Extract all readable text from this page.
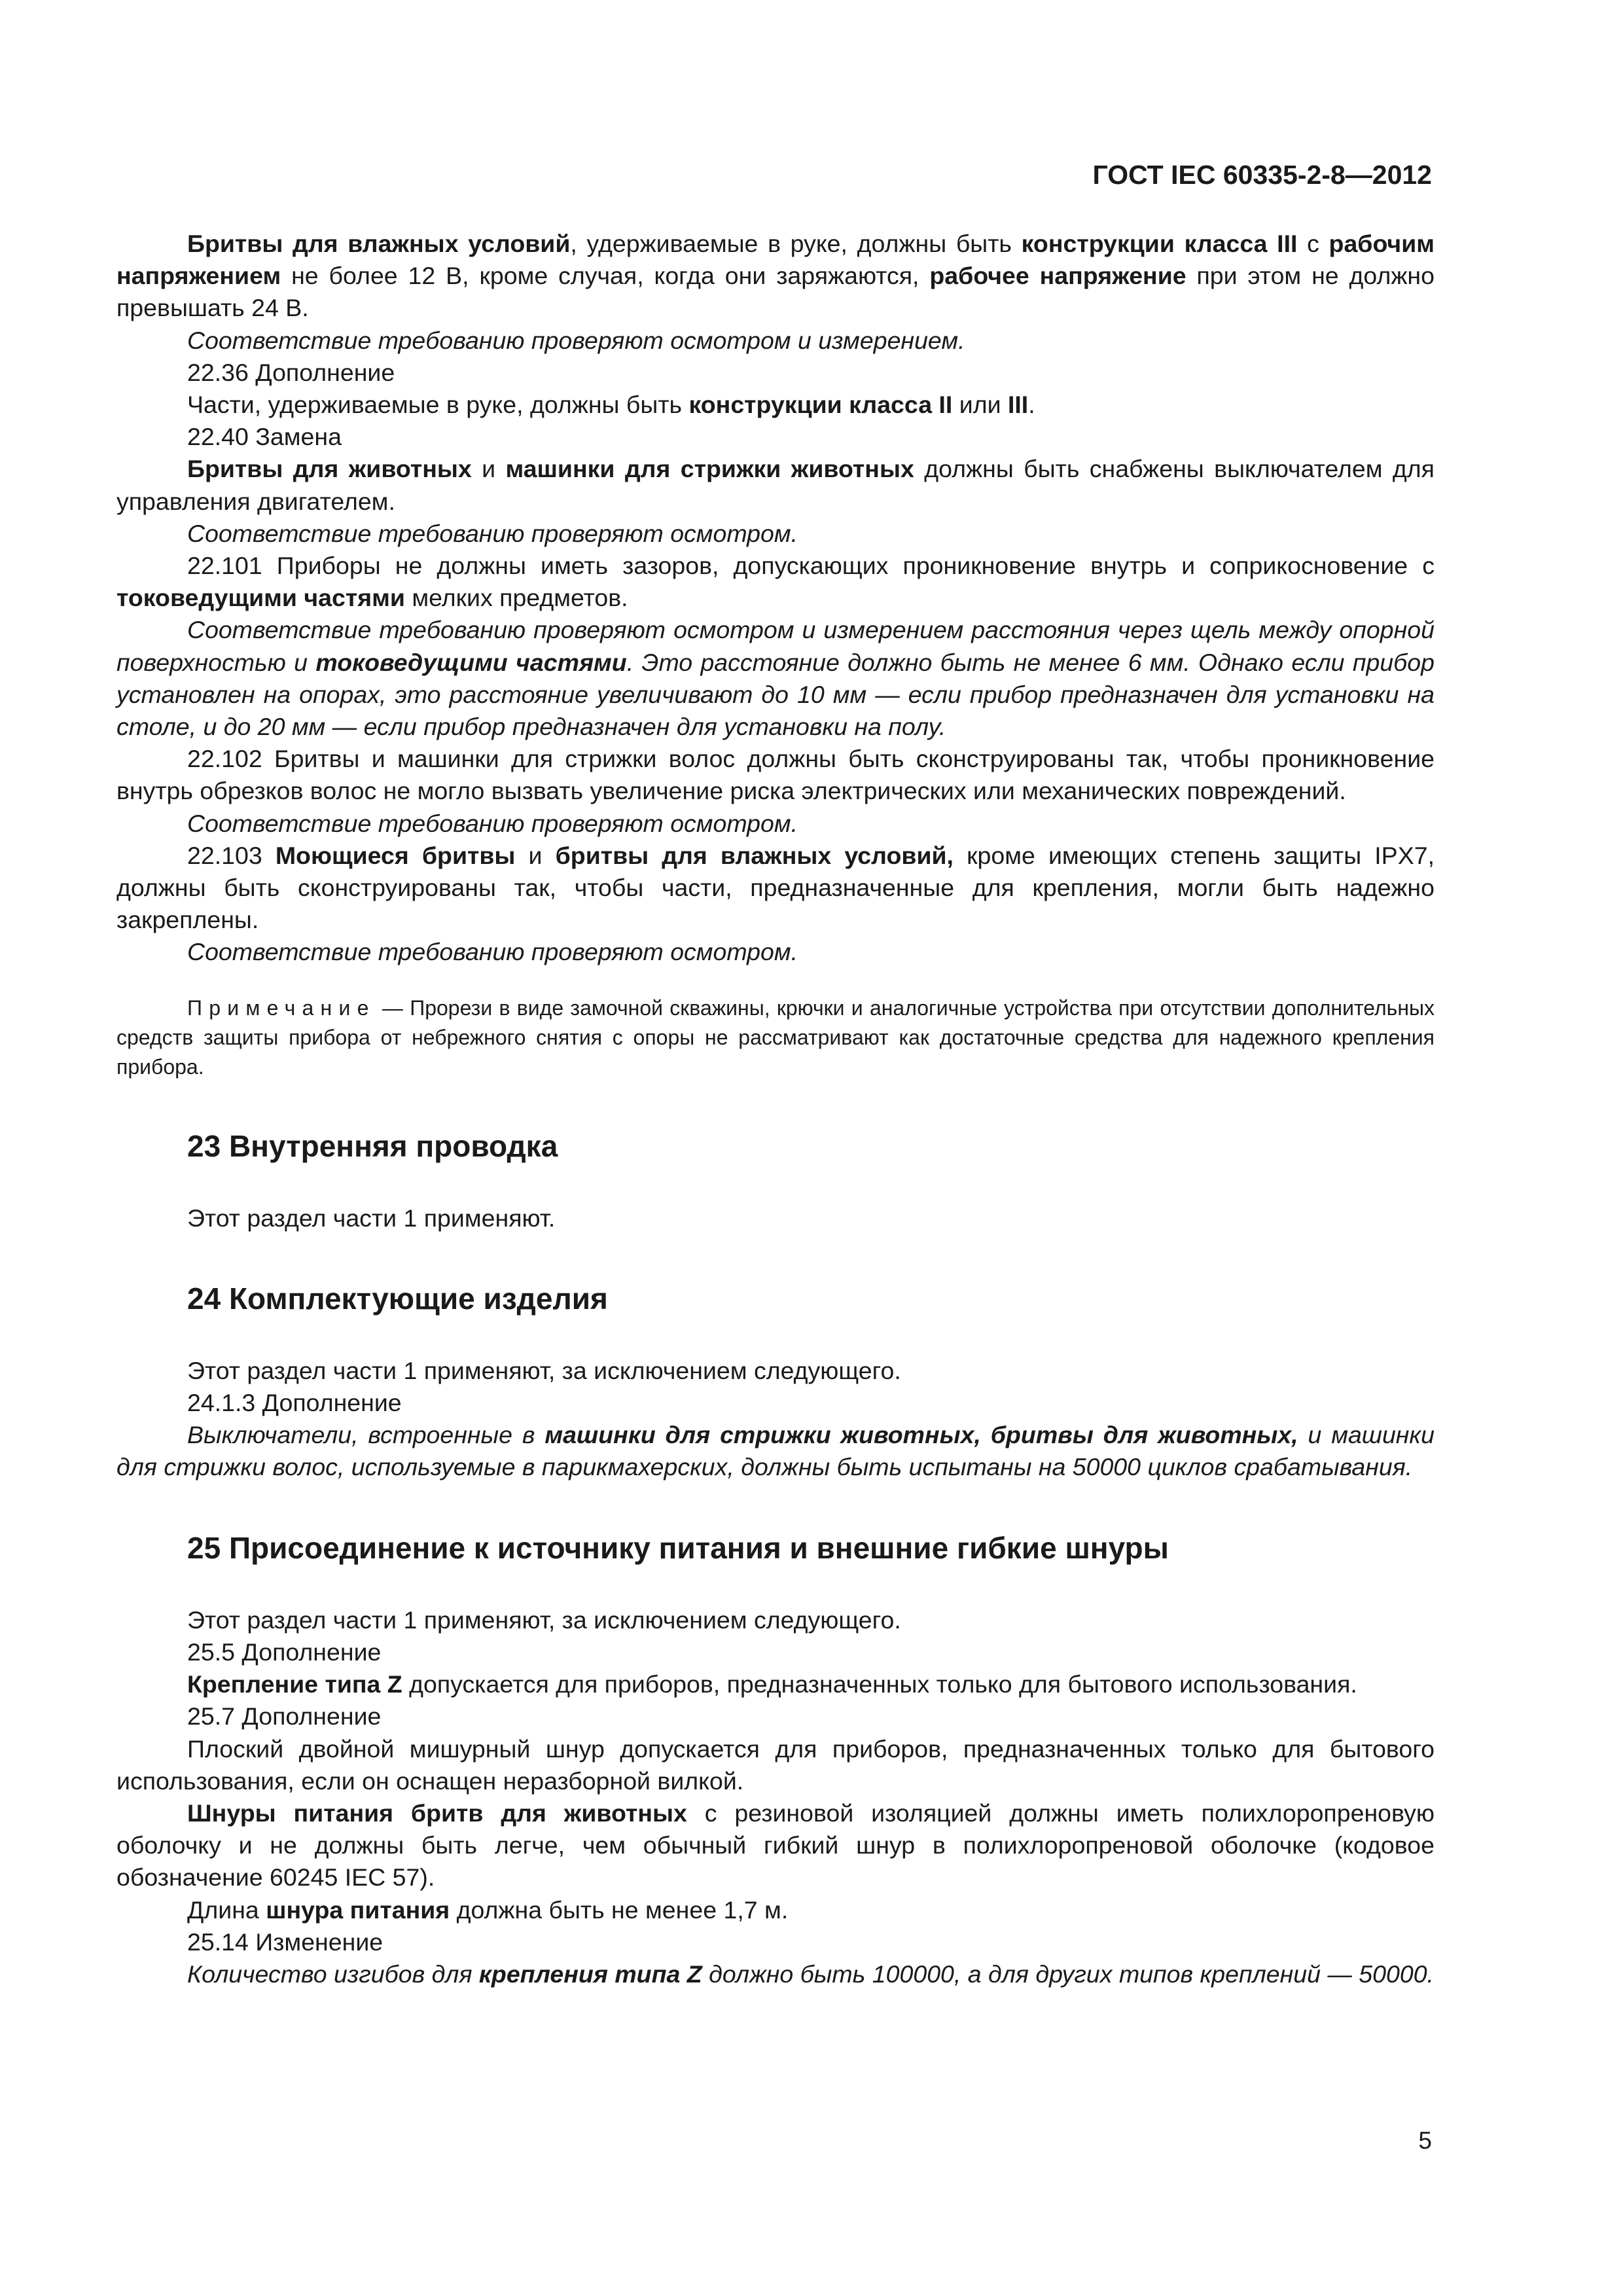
ГОСТ IEC 60335-2-8—2012

Бритвы для влажных условий, удерживаемые в руке, должны быть конструкции класса III с рабочим напряжением не более 12 В, кроме случая, когда они заряжаются, рабочее напряжение при этом не должно превышать 24 В.

Соответствие требованию проверяют осмотром и измерением.

22.36 Дополнение

Части, удерживаемые в руке, должны быть конструкции класса II или III.

22.40 Замена

Бритвы для животных и машинки для стрижки животных должны быть снабжены выключателем для управления двигателем.

Соответствие требованию проверяют осмотром.

22.101 Приборы не должны иметь зазоров, допускающих проникновение внутрь и соприкосновение с токоведущими частями мелких предметов.

Соответствие требованию проверяют осмотром и измерением расстояния через щель между опорной поверхностью и токоведущими частями. Это расстояние должно быть не менее 6 мм. Однако если прибор установлен на опорах, это расстояние увеличивают до 10 мм — если прибор предназначен для установки на столе, и до 20 мм — если прибор предназначен для установки на полу.

22.102 Бритвы и машинки для стрижки волос должны быть сконструированы так, чтобы проникновение внутрь обрезков волос не могло вызвать увеличение риска электрических или механических повреждений.

Соответствие требованию проверяют осмотром.

22.103 Моющиеся бритвы и бритвы для влажных условий, кроме имеющих степень защиты IPX7, должны быть сконструированы так, чтобы части, предназначенные для крепления, могли быть надежно закреплены.

Соответствие требованию проверяют осмотром.

Примечание — Прорези в виде замочной скважины, крючки и аналогичные устройства при отсутствии дополнительных средств защиты прибора от небрежного снятия с опоры не рассматривают как достаточные средства для надежного крепления прибора.

23 Внутренняя проводка

Этот раздел части 1 применяют.

24 Комплектующие изделия

Этот раздел части 1 применяют, за исключением следующего.

24.1.3 Дополнение

Выключатели, встроенные в машинки для стрижки животных, бритвы для животных, и машинки для стрижки волос, используемые в парикмахерских, должны быть испытаны на 50000 циклов срабатывания.

25 Присоединение к источнику питания и внешние гибкие шнуры

Этот раздел части 1 применяют, за исключением следующего.

25.5 Дополнение

Крепление типа Z допускается для приборов, предназначенных только для бытового использования.

25.7 Дополнение

Плоский двойной мишурный шнур допускается для приборов, предназначенных только для бытового использования, если он оснащен неразборной вилкой.

Шнуры питания бритв для животных с резиновой изоляцией должны иметь полихлоропреновую оболочку и не должны быть легче, чем обычный гибкий шнур в полихлоропреновой оболочке (кодовое обозначение 60245 IEC 57).

Длина шнура питания должна быть не менее 1,7 м.

25.14 Изменение

Количество изгибов для крепления типа Z должно быть 100000, а для других типов креплений — 50000.

5
